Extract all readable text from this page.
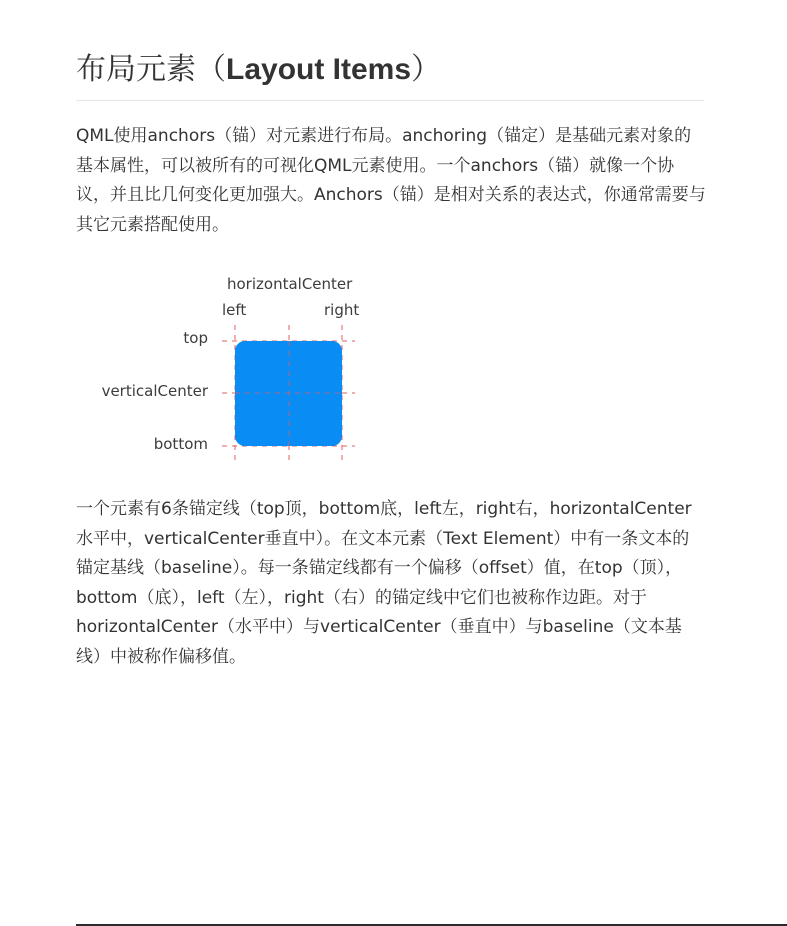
布局元素（Layout Items）

QML使用anchors（锚）对元素进行布局。anchoring（锚定）是基础元素对象的基本属性，可以被所有的可视化QML元素使用。一个anchors（锚）就像一个协议，并且比几何变化更加强大。Anchors（锚）是相对关系的表达式，你通常需要与其它元素搭配使用。

horizontalCenter
left	right
top
verticalCenter
bottom

一个元素有6条锚定线（top顶，bottom底，left左，right右，horizontalCenter水平中，verticalCenter垂直中）。在文本元素（Text Element）中有一条文本的锚定基线（baseline）。每一条锚定线都有一个偏移（offset）值，在top（顶），bottom（底），left（左），right（右）的锚定线中它们也被称作边距。对于horizontalCenter（水平中）与verticalCenter（垂直中）与baseline（文本基线）中被称作偏移值。
